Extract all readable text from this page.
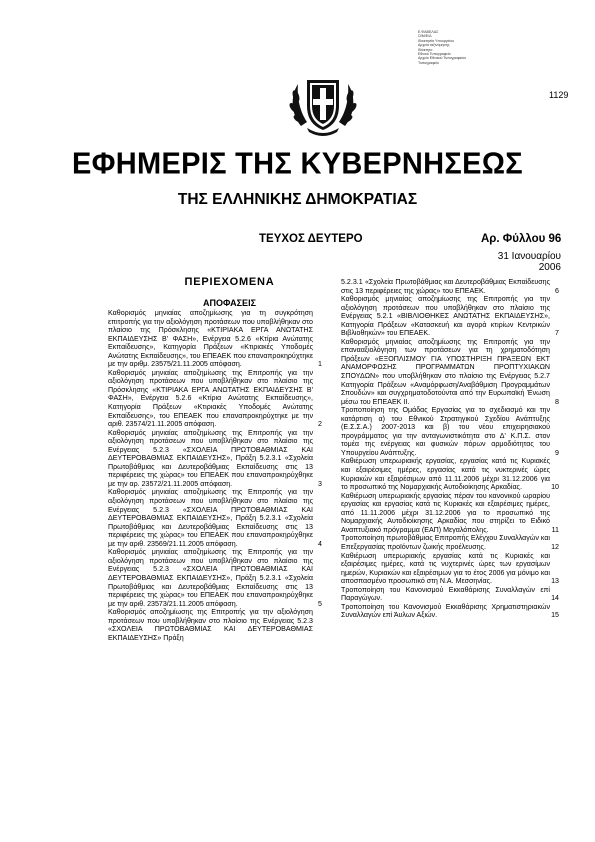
Ε.ΦΑΒΕΛΑΣ
Ο/Μ/Ε/Δ
Ιδιοκτησία Υπουργείου
Αρχεία ταξινόμησης
Ιδιόκτητο
Εθνικό Τυπογραφείο
Αρχείο Εθνικού Τυπογραφείου
Τυπογραφείο
1129
ΕΦΗΜΕΡΙΣ ΤΗΣ ΚΥΒΕΡΝΗΣΕΩΣ
ΤΗΣ ΕΛΛΗΝΙΚΗΣ ΔΗΜΟΚΡΑΤΙΑΣ
ΤΕΥΧΟΣ ΔΕΥΤΕΡΟ	Αρ. Φύλλου 96
31 Ιανουαρίου 2006
ΠΕΡΙΕΧΟΜΕΝΑ
ΑΠΟΦΑΣΕΙΣ
Καθορισμός μηνιαίας αποζημίωσης για τη συγκρότηση επιτροπής για την αξιολόγηση προτάσεων που υποβλήθηκαν στο πλαίσιο της Πρόσκλησης «ΚΤΙΡΙΑΚΑ ΕΡΓΑ ΑΝΩΤΑΤΗΣ ΕΚΠΑΙΔΕΥΣΗΣ Β' ΦΑΣΗ», Ενέργεια 5.2.6 «Κτίρια Ανώτατης Εκπαίδευσης», Κατηγορία Πράξεων «Κτιριακές Υποδομές Ανώτατης Εκπαίδευσης», του ΕΠΕΑΕΚ που επαναπροκηρύχτηκε με την αριθμ. 23575/21.11.2005 απόφαση.	1
Καθορισμός μηνιαίας αποζημίωσης της Επιτροπής για την αξιολόγηση προτάσεων που υποβλήθηκαν στο πλαίσιο της Πρόσκλησης «ΚΤΙΡΙΑΚΑ ΕΡΓΑ ΑΝΩΤΑΤΗΣ ΕΚΠΑΙΔΕΥΣΗΣ Β' ΦΑΣΗ», Ενέργεια 5.2.6 «Κτίρια Ανώτατης Εκπαίδευσης», Κατηγορία Πράξεων «Κτιριακές Υποδομές Ανώτατης Εκπαίδευσης», του ΕΠΕΑΕΚ που επαναπροκηρύχτηκε με την αριθ. 23574/21.11.2005 απόφαση.	2
Καθορισμός μηνιαίας αποζημίωσης της Επιτροπής για την αξιολόγηση προτάσεων που υποβλήθηκαν στο πλαίσιο της Ενέργειας 5.2.3 «ΣΧΟΛΕΙΑ ΠΡΩΤΟΒΑΘΜΙΑΣ ΚΑΙ ΔΕΥΤΕΡΟΒΑΘΜΙΑΣ ΕΚΠΑΙΔΕΥΣΗΣ», Πράξη 5.2.3.1 «Σχολεία Πρωτοβάθμιας και Δευτεροβάθμιας Εκπαίδευσης στις 13 περιφέρειες της χώρας» του ΕΠΕΑΕΚ που επαναπροκηρύχθηκε με την αρ. 23572/21.11.2005 απόφαση.	3
Καθορισμός μηνιαίας αποζημίωσης της Επιτροπής για την αξιολόγηση προτάσεων που υποβλήθηκαν στο πλαίσιο της Ενέργειας 5.2.3 «ΣΧΟΛΕΙΑ ΠΡΩΤΟΒΑΘΜΙΑΣ ΚΑΙ ΔΕΥΤΕΡΟΒΑΘΜΙΑΣ ΕΚΠΑΙΔΕΥΣΗΣ», Πράξη 5.2.3.1 «Σχολεία Πρωτοβάθμιας και Δευτεροβάθμιας Εκπαίδευσης στις 13 περιφέρειες της χώρας» του ΕΠΕΑΕΚ που επαναπροκηρύχθηκε με την αριθ. 23569/21.11.2005 απόφαση.	4
Καθορισμός μηνιαίας αποζημίωσης της Επιτροπής για την αξιολόγηση προτάσεων που υποβλήθηκαν στο πλαίσιο της Ενέργειας 5.2.3 «ΣΧΟΛΕΙΑ ΠΡΩΤΟΒΑΘΜΙΑΣ ΚΑΙ ΔΕΥΤΕΡΟΒΑΘΜΙΑΣ ΕΚΠΑΙΔΕΥΣΗΣ», Πράξη 5.2.3.1 «Σχολεία Πρωτοβάθμιας και Δευτεροβάθμιας Εκπαίδευσης στις 13 περιφέρειες της χώρας» του ΕΠΕΑΕΚ που επαναπροκηρύχθηκε με την αριθ. 23573/21.11.2005 απόφαση.	5
Καθορισμός αποζημίωσης της Επιτροπής για την αξιολόγηση προτάσεων που υποβλήθηκαν στο πλαίσιο της Ενέργειας 5.2.3 «ΣΧΟΛΕΙΑ ΠΡΩΤΟΒΑΘΜΙΑΣ ΚΑΙ ΔΕΥΤΕΡΟΒΑΘΜΙΑΣ ΕΚΠΑΙΔΕΥΣΗΣ» Πράξη
5.2.3.1 «Σχολεία Πρωτοβάθμιας και Δευτεροβάθμιας Εκπαίδευσης στις 13 περιφέρειες της χώρας» του ΕΠΕΑΕΚ.	6
Καθορισμός μηνιαίας αποζημίωσης της Επιτροπής για την αξιολόγηση προτάσεων που υποβλήθηκαν στο πλαίσιο της Ενέργειας 5.2.1 «ΒΙΒΛΙΟΘΗΚΕΣ ΑΝΩΤΑΤΗΣ ΕΚΠΑΙΔΕΥΣΗΣ», Κατηγορία Πράξεων «Κατασκευή και αγορά κτιρίων Κεντρικών Βιβλιοθηκών» του ΕΠΕΑΕΚ.	7
Καθορισμός μηνιαίας αποζημίωσης της Επιτροπής για την επανααξιολόγηση των προτάσεων για τη χρηματοδότηση Πράξεων «ΕΞΟΠΛΙΣΜΟΥ ΓΙΑ ΥΠΟΣΤΗΡΙΞΗ ΠΡΑΞΕΩΝ ΕΚΤ ΑΝΑΜΟΡΦΩΣΗΣ ΠΡΟΓΡΑΜΜΑΤΩΝ ΠΡΟΠΤΥΧΙΑΚΩΝ ΣΠΟΥΔΩΝ» που υποβλήθηκαν στο πλαίσιο της Ενέργειας 5.2.7 Κατηγορία Πράξεων «Αναμόρφωση/Αναβάθμιση Προγραμμάτων Σπουδών» και συγχρηματοδοτούνται από την Ευρωπαϊκή Ένωση μέσω του ΕΠΕΑΕΚ ΙΙ.	8
Τροποποίηση της Ομάδας Εργασίας για το σχεδιασμό και την κατάρτιση α) του Εθνικού Στρατηγικού Σχεδίου Ανάπτυξης (Ε.Σ.Σ.Α.) 2007-2013 και β) του νέου επιχειρησιακού προγράμματος για την ανταγωνιστικότητα στο Δ' Κ.Π.Σ. στον τομέα της ενέργειας και φυσικών πόρων αρμοδιότητας του Υπουργείου Ανάπτυξης.	9
Καθιέρωση υπερωριακής εργασίας, εργασίας κατά τις Κυριακές και εξαιρέσιμες ημέρες, εργασίας κατά τις νυκτερινές ώρες Κυριακών και εξαιρέσιμων από 11.11.2006 μέχρι 31.12.2006 για το προσωπικό της Νομαρχιακής Αυτοδιοίκησης Αρκαδίας.	10
Καθιέρωση υπερωριακής εργασίας πέραν του κανονικού ωραρίου εργασίας και εργασίας κατά τις Κυριακές και εξαιρέσιμες ημέρες, από 11.11.2006 μέχρι 31.12.2006 για το προσωπικό της Νομαρχιακής Αυτοδιοίκησης Αρκαδίας που στηρίζει το Ειδικό Αναπτυξιακό πρόγραμμα (ΕΑΠ) Μεγαλόπολης.	11
Τροποποίηση πρωτοβάθμιας Επιτροπής Ελέγχου Συναλλαγών και Επεξεργασίας προϊόντων ζωικής προέλευσης.	12
Καθιέρωση υπερωριακής εργασίας κατά τις Κυριακές και εξαιρέσιμες ημέρες, κατά τις νυχτερινές ώρες των εργασίμων ημερών, Κυριακών και εξαιρέσιμων για το έτος 2006 για μόνιμο και αποσπασμένο προσωπικό στη Ν.Α. Μεσσηνίας.	13
Τροποποίηση του Κανονισμού Εκκαθάρισης Συναλλαγών επί Παραγώγων.	14
Τροποποίηση του Κανονισμού Εκκαθάρισης Χρηματιστηριακών Συναλλαγών επί Άυλων Αξιών.	15
